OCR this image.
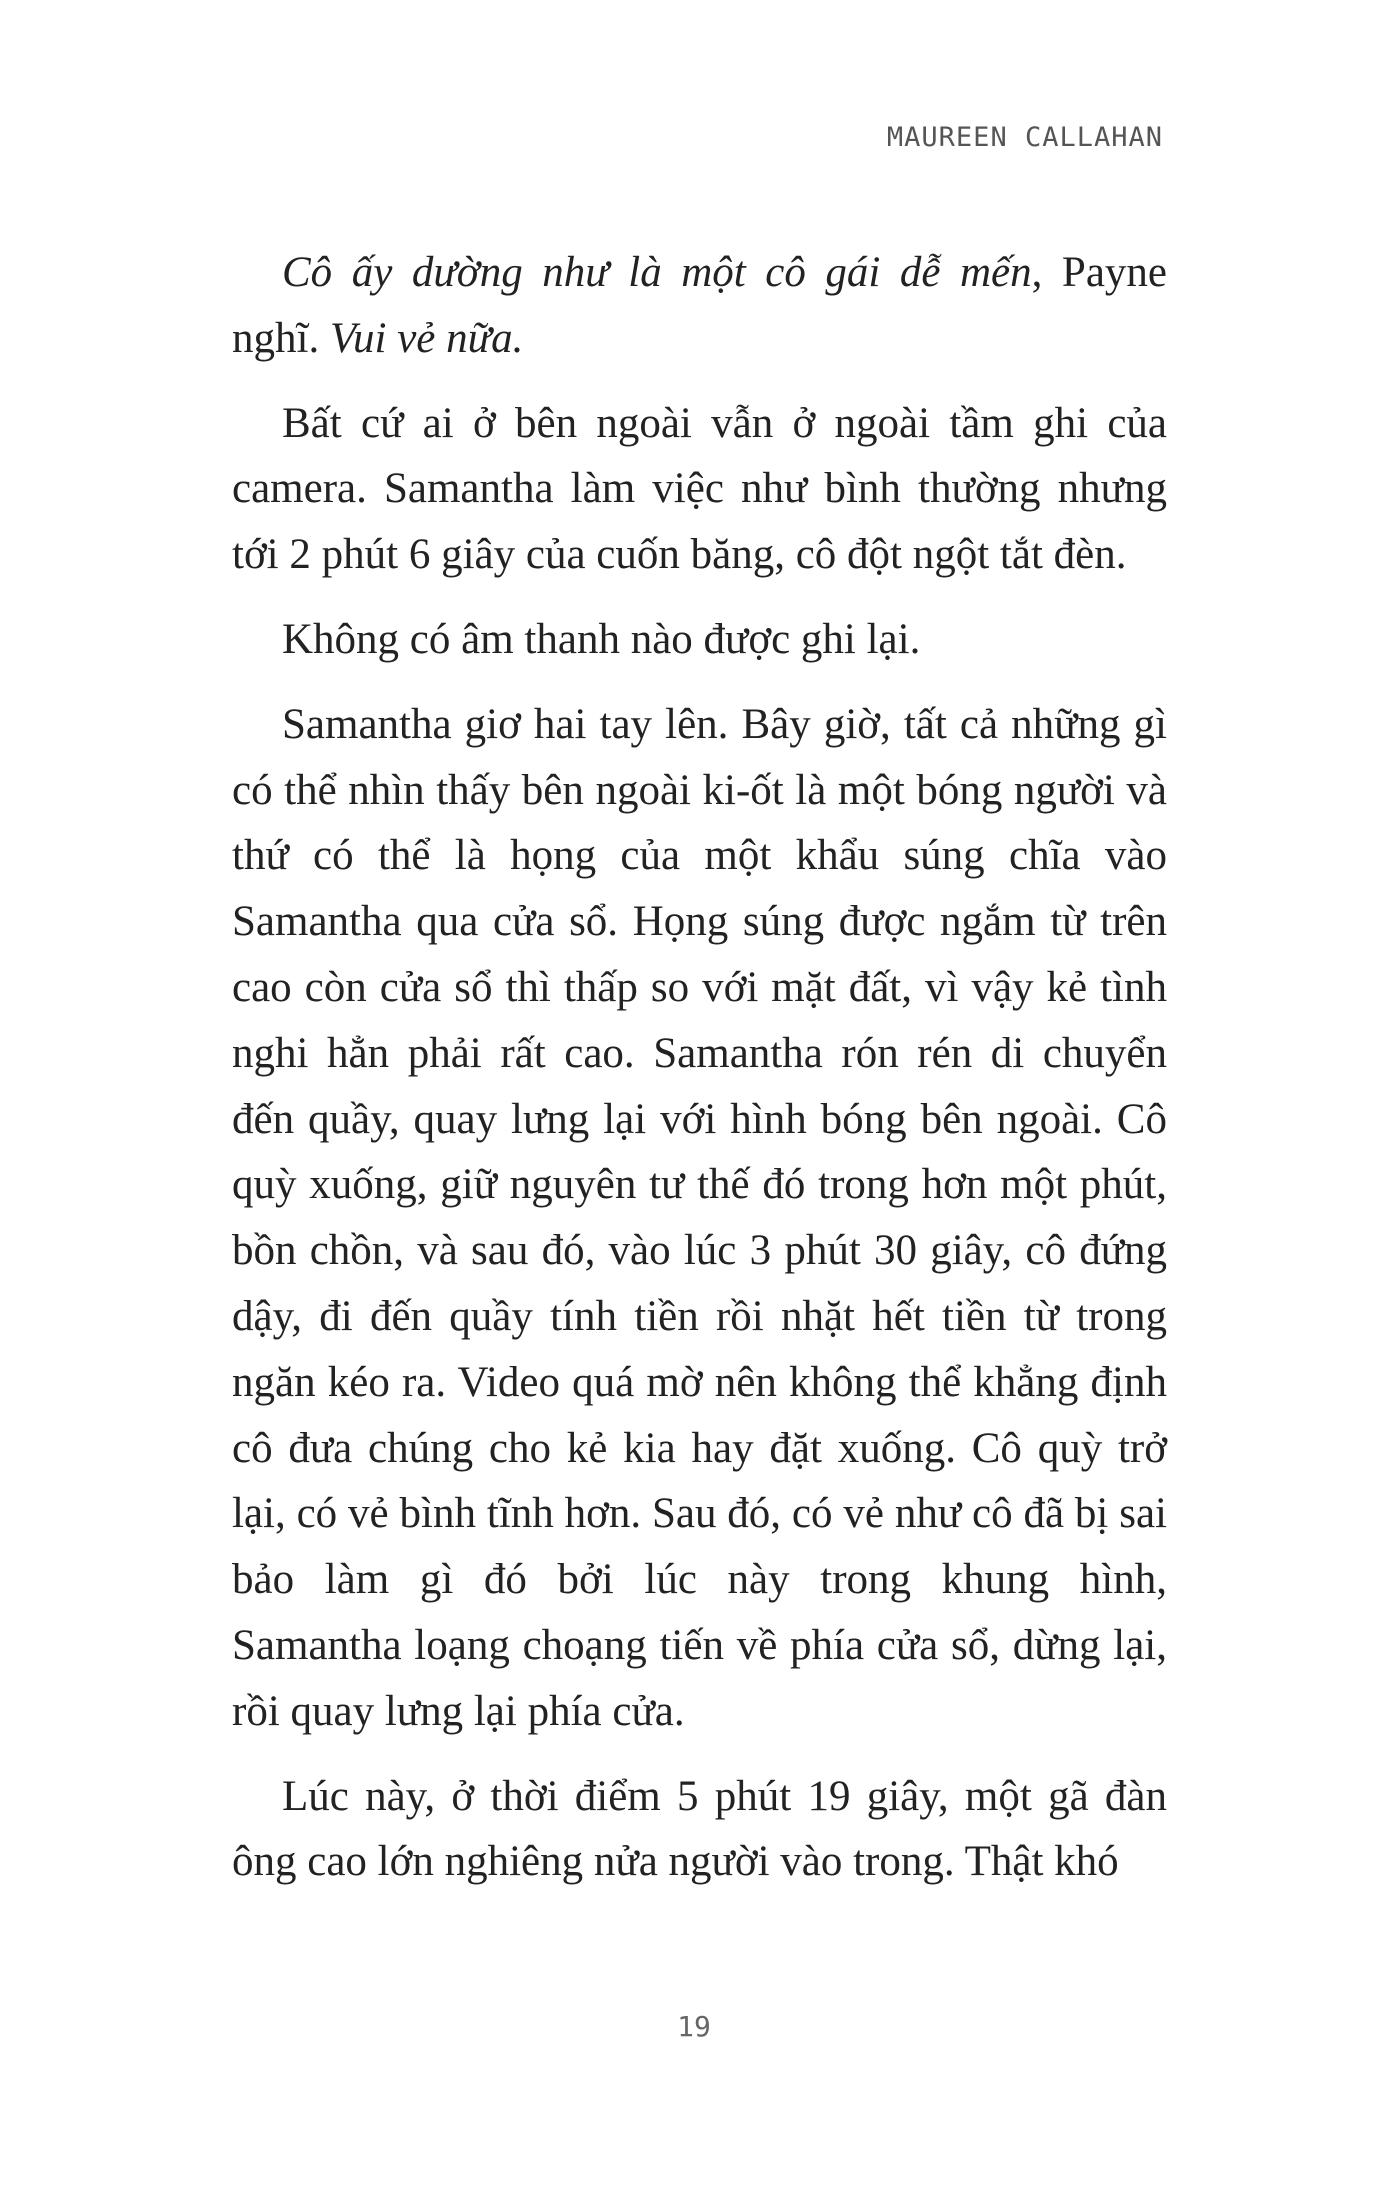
MAUREEN CALLAHAN

Cô ấy dường như là một cô gái dễ mến, Payne nghĩ. Vui vẻ nữa.

Bất cứ ai ở bên ngoài vẫn ở ngoài tầm ghi của camera. Samantha làm việc như bình thường nhưng tới 2 phút 6 giây của cuốn băng, cô đột ngột tắt đèn.

Không có âm thanh nào được ghi lại.

Samantha giơ hai tay lên. Bây giờ, tất cả những gì có thể nhìn thấy bên ngoài ki-ốt là một bóng người và thứ có thể là họng của một khẩu súng chĩa vào Samantha qua cửa sổ. Họng súng được ngắm từ trên cao còn cửa sổ thì thấp so với mặt đất, vì vậy kẻ tình nghi hẳn phải rất cao. Samantha rón rén di chuyển đến quầy, quay lưng lại với hình bóng bên ngoài. Cô quỳ xuống, giữ nguyên tư thế đó trong hơn một phút, bồn chồn, và sau đó, vào lúc 3 phút 30 giây, cô đứng dậy, đi đến quầy tính tiền rồi nhặt hết tiền từ trong ngăn kéo ra. Video quá mờ nên không thể khẳng định cô đưa chúng cho kẻ kia hay đặt xuống. Cô quỳ trở lại, có vẻ bình tĩnh hơn. Sau đó, có vẻ như cô đã bị sai bảo làm gì đó bởi lúc này trong khung hình, Samantha loạng choạng tiến về phía cửa sổ, dừng lại, rồi quay lưng lại phía cửa.

Lúc này, ở thời điểm 5 phút 19 giây, một gã đàn ông cao lớn nghiêng nửa người vào trong. Thật khó

19
